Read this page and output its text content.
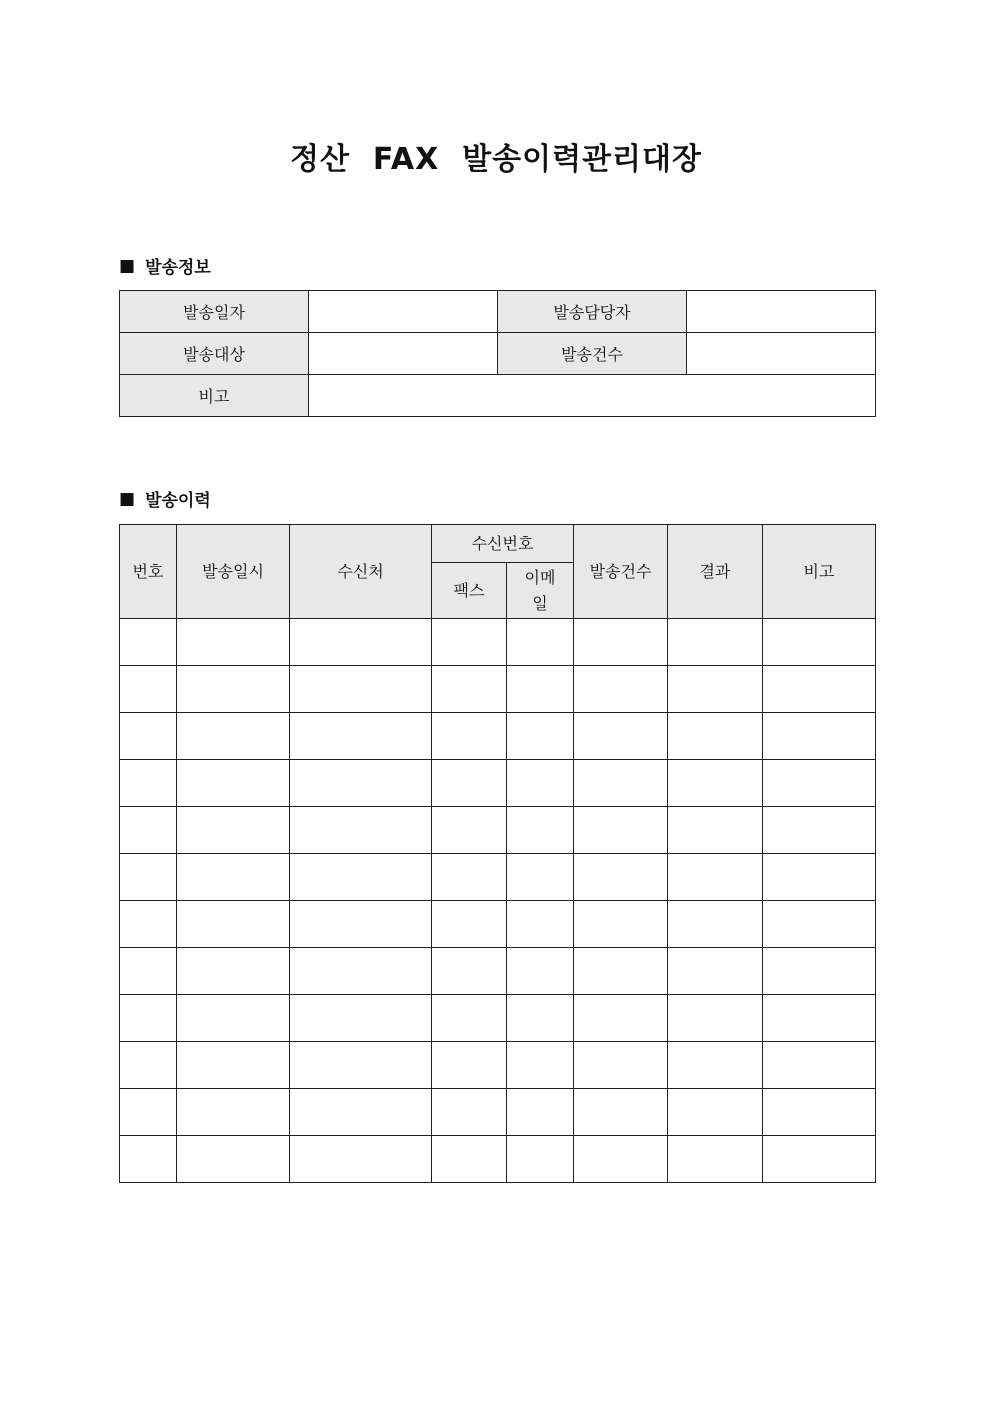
정산  FAX  발송이력관리대장
■ 발송정보
발송일자		발송담당자	
발송대상		발송건수	
비고			
■ 발송이력
번호	발송일시	수신처	수신번호		발송건수	결과	비고
			팩스	이메일			
